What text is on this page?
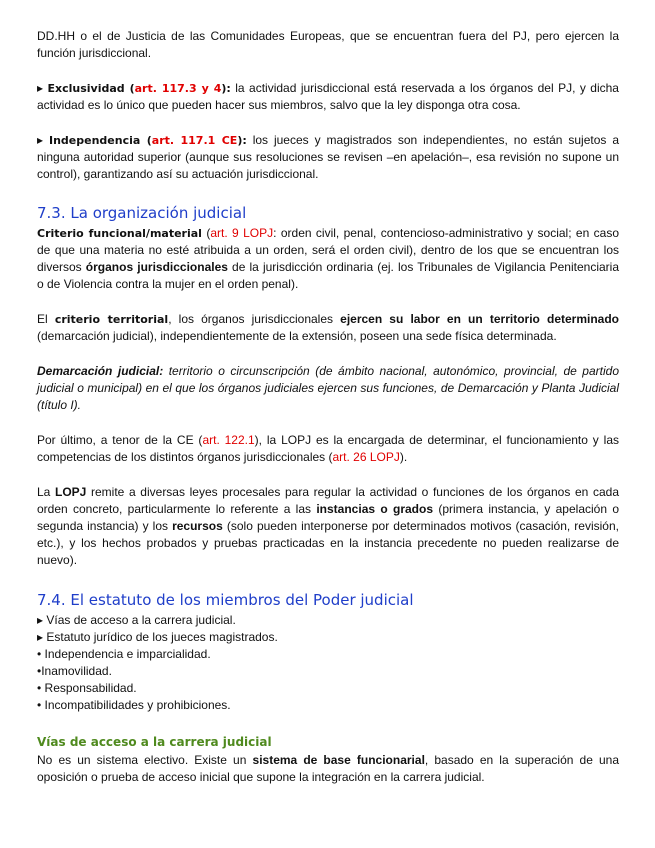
DD.HH o el de Justicia de las Comunidades Europeas, que se encuentran fuera del PJ, pero ejercen la función jurisdiccional.

▸ Exclusividad (art. 117.3 y 4): la actividad jurisdiccional está reservada a los órganos del PJ, y dicha actividad es lo único que pueden hacer sus miembros, salvo que la ley disponga otra cosa.

▸ Independencia (art. 117.1 CE): los jueces y magistrados son independientes, no están sujetos a ninguna autoridad superior (aunque sus resoluciones se revisen –en apelación–, esa revisión no supone un control), garantizando así su actuación jurisdiccional.

7.3. La organización judicial

Criterio funcional/material (art. 9 LOPJ: orden civil, penal, contencioso-administrativo y social; en caso de que una materia no esté atribuida a un orden, será el orden civil), dentro de los que se encuentran los diversos órganos jurisdiccionales de la jurisdicción ordinaria (ej. los Tribunales de Vigilancia Penitenciaria o de Violencia contra la mujer en el orden penal).

El criterio territorial, los órganos jurisdiccionales ejercen su labor en un territorio determinado (demarcación judicial), independientemente de la extensión, poseen una sede física determinada.

Demarcación judicial: territorio o circunscripción (de ámbito nacional, autonómico, provincial, de partido judicial o municipal) en el que los órganos judiciales ejercen sus funciones, de Demarcación y Planta Judicial (título I).

Por último, a tenor de la CE (art. 122.1), la LOPJ es la encargada de determinar, el funcionamiento y las competencias de los distintos órganos jurisdiccionales (art. 26 LOPJ).

La LOPJ remite a diversas leyes procesales para regular la actividad o funciones de los órganos en cada orden concreto, particularmente lo referente a las instancias o grados (primera instancia, y apelación o segunda instancia) y los recursos (solo pueden interponerse por determinados motivos (casación, revisión, etc.), y los hechos probados y pruebas practicadas en la instancia precedente no pueden realizarse de nuevo).

7.4. El estatuto de los miembros del Poder judicial
▸ Vías de acceso a la carrera judicial.
▸ Estatuto jurídico de los jueces magistrados.
• Independencia e imparcialidad.
•Inamovilidad.
• Responsabilidad.
• Incompatibilidades y prohibiciones.
Vías de acceso a la carrera judicial

No es un sistema electivo. Existe un sistema de base funcionarial, basado en la superación de una oposición o prueba de acceso inicial que supone la integración en la carrera judicial.
